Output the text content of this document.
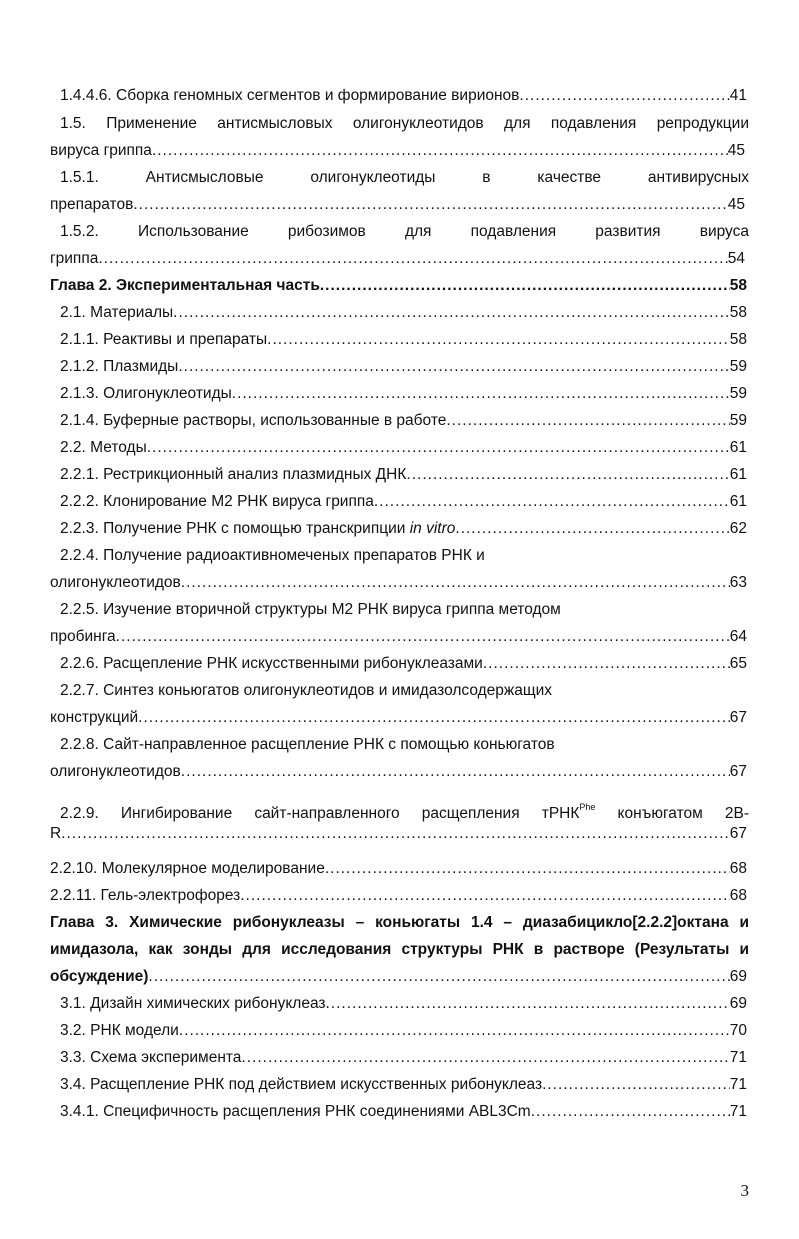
1.4.4.6. Сборка геномных сегментов и формирование вирионов .....	41
1.5. Применение антисмысловых олигонуклеотидов для подавления репродукции
вируса гриппа .....	45
1.5.1. Антисмысловые олигонуклеотиды в качестве антивирусных
препаратов .....	45
1.5.2. Использование рибозимов для подавления развития вируса
гриппа .....	54
Глава 2. Экспериментальная часть .....	58
2.1. Материалы .....	58
2.1.1. Реактивы и препараты .....	58
2.1.2. Плазмиды .....	59
2.1.3. Олигонуклеотиды .....	59
2.1.4. Буферные растворы, использованные в работе .....	59
2.2. Методы .....	61
2.2.1. Рестрикционный анализ плазмидных ДНК .....	61
2.2.2. Клонирование М2 РНК вируса гриппа .....	61
2.2.3. Получение РНК с помощью транскрипции in vitro .....	62
2.2.4. Получение радиоактивномеченых препаратов РНК и
олигонуклеотидов .....	63
2.2.5. Изучение вторичной структуры М2 РНК вируса гриппа методом
пробинга .....	64
2.2.6. Расщепление РНК искусственными рибонуклеазами .....	65
2.2.7. Синтез коньюгатов олигонуклеотидов и имидазолсодержащих
конструкций .....	67
2.2.8. Сайт-направленное расщепление РНК с помощью коньюгатов
олигонуклеотидов .....	67
2.2.9. Ингибирование сайт-направленного расщепления тРНК$^{Phe}$ конъюгатом 2В-
R .....	67
2.2.10. Молекулярное моделирование .....	68
2.2.11. Гель-электрофорез .....	68
Глава 3. Химические рибонуклеазы – коньюгаты 1.4 – диазабицикло[2.2.2]октана и
имидазола, как зонды для исследования структуры РНК в растворе (Результаты и
обсуждение) .....	69
3.1. Дизайн химических рибонуклеаз .....	69
3.2. РНК модели .....	70
3.3. Схема эксперимента .....	71
3.4. Расщепление РНК под действием искусственных рибонуклеаз .....	71
3.4.1. Специфичность расщепления РНК соединениями ABL3Cm .....	71
3
